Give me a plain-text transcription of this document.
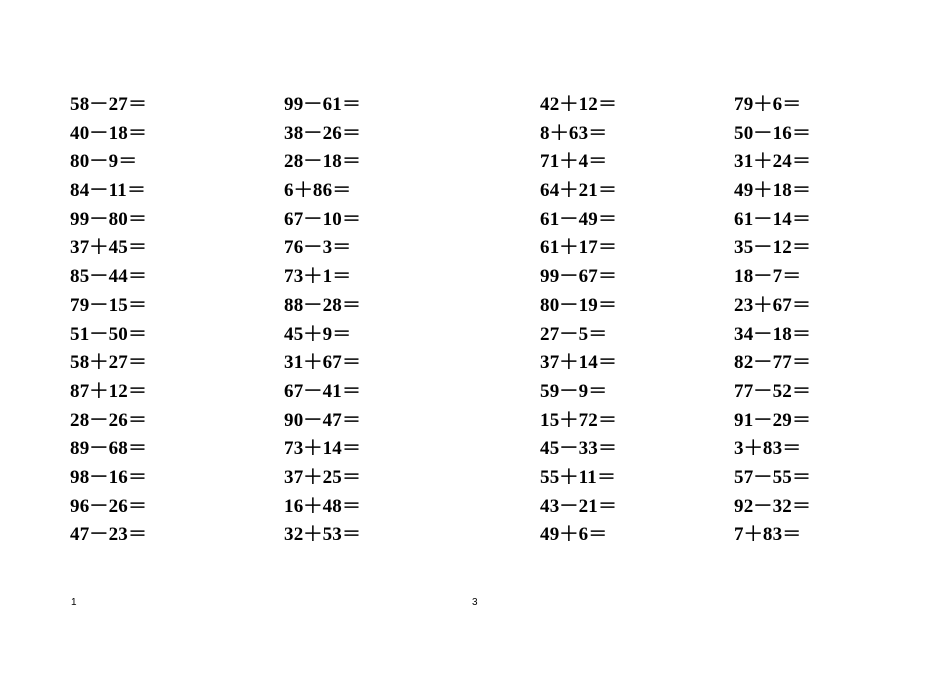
58－27＝
40－18＝
80－9＝
84－11＝
99－80＝
37＋45＝
85－44＝
79－15＝
51－50＝
58＋27＝
87＋12＝
28－26＝
89－68＝
98－16＝
96－26＝
47－23＝
99－61＝
38－26＝
28－18＝
6＋86＝
67－10＝
76－3＝
73＋1＝
88－28＝
45＋9＝
31＋67＝
67－41＝
90－47＝
73＋14＝
37＋25＝
16＋48＝
32＋53＝
1
42＋12＝
8＋63＝
71＋4＝
64＋21＝
61－49＝
61＋17＝
99－67＝
80－19＝
27－5＝
37＋14＝
59－9＝
15＋72＝
45－33＝
55＋11＝
43－21＝
49＋6＝
79＋6＝
50－16＝
31＋24＝
49＋18＝
61－14＝
35－12＝
18－7＝
23＋67＝
34－18＝
82－77＝
77－52＝
91－29＝
3＋83＝
57－55＝
92－32＝
7＋83＝
3
